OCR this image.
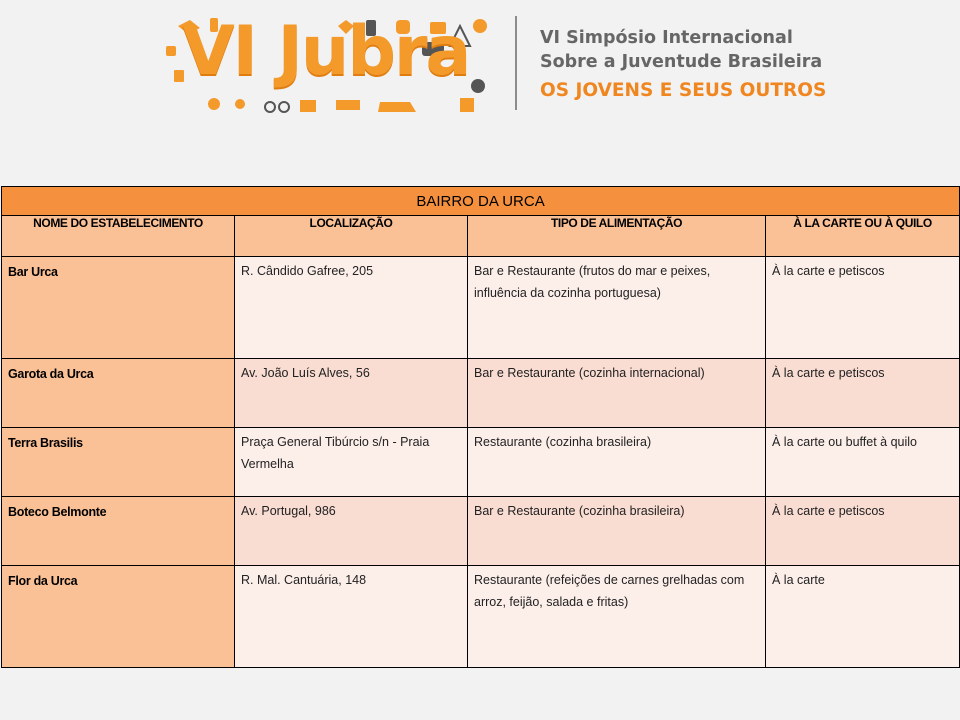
VI Jubra	VI Simpósio Internacional
Sobre a Juventude Brasileira
OS JOVENS E SEUS OUTROS
BAIRRO DA URCA			
NOME DO ESTABELECIMENTO	LOCALIZAÇÃO	TIPO DE ALIMENTAÇÃO	À LA CARTE OU À QUILO
Bar Urca	R. Cândido Gafree, 205	Bar e Restaurante (frutos do mar e peixes, influência da cozinha portuguesa)	À la carte e petiscos
Garota da Urca	Av. João Luís Alves, 56	Bar e Restaurante (cozinha internacional)	À la carte e petiscos
Terra Brasilis	Praça General Tibúrcio s/n - Praia Vermelha	Restaurante (cozinha brasileira)	À la carte ou buffet à quilo
Boteco Belmonte	Av. Portugal, 986	Bar e Restaurante (cozinha brasileira)	À la carte e petiscos
Flor da Urca	R. Mal. Cantuária, 148	Restaurante (refeições de carnes grelhadas com arroz, feijão, salada e fritas)	À la carte
